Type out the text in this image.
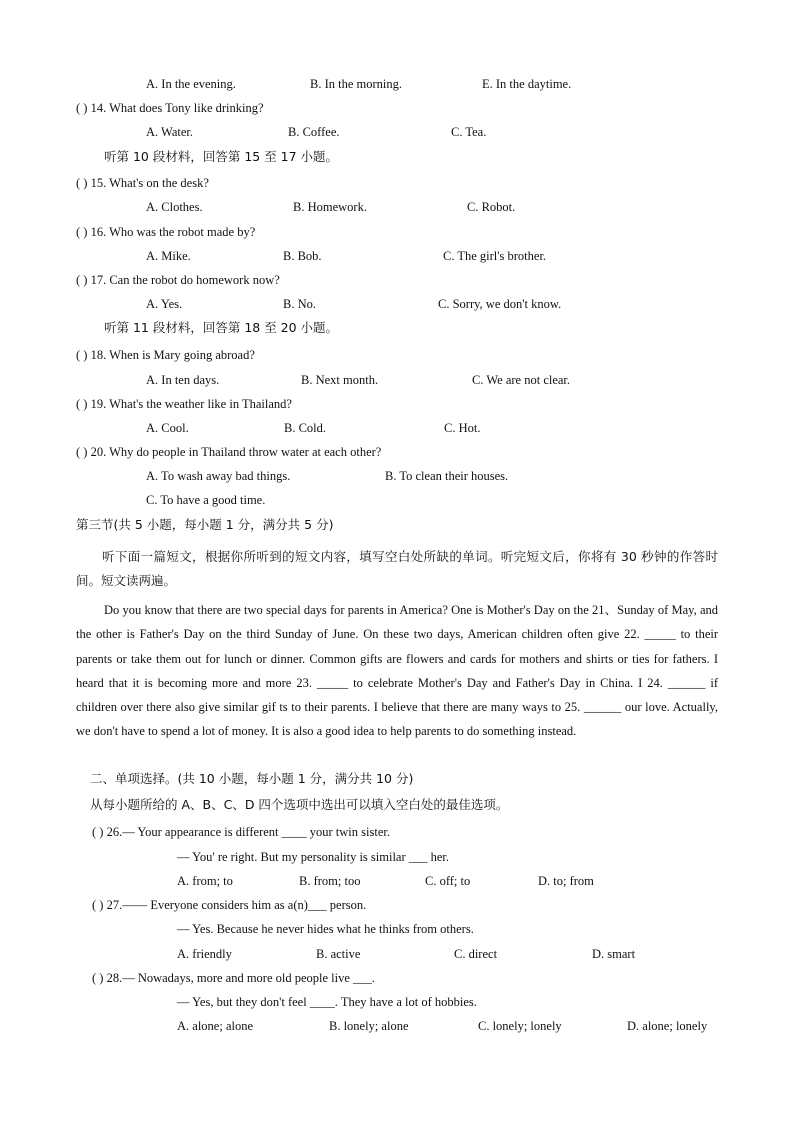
A. In the evening.	B. In the morning.	E. In the daytime.
( ) 14. What does Tony like drinking?
A. Water.	B. Coffee.	C. Tea.
听第 10 段材料，回答第 15 至 17 小题。
( ) 15. What's on the desk?
A. Clothes.	B. Homework.	C. Robot.
( ) 16. Who was the robot made by?
A. Mike.	B. Bob.	C. The girl's brother.
( ) 17. Can the robot do homework now?
A. Yes.	B. No.	C. Sorry, we don't know.
听第 11 段材料，回答第 18 至 20 小题。
( ) 18. When is Mary going abroad?
A. In ten days.	B. Next month.	C. We are not clear.
( ) 19. What's the weather like in Thailand?
A. Cool.	B. Cold.	C. Hot.
( ) 20. Why do people in Thailand throw water at each other?
A. To wash away bad things.	B. To clean their houses.
C. To have a good time.
第三节(共 5 小题，每小题 1 分，满分共 5 分)
听下面一篇短文，根据你所听到的短文内容，填写空白处所缺的单词。听完短文后，你将有 30 秒钟的作答时间。短文读两遍。
Do you know that there are two special days for parents in America? One is Mother's Day on the 21、Sunday of May, and the other is Father's Day on the third Sunday of June. On these two days, American children often give 22. _____ to their parents or take them out for lunch or dinner. Common gifts are flowers and cards for mothers and shirts or ties for fathers. I heard that it is becoming more and more 23. _____ to celebrate Mother's Day and Father's Day in China. I 24. ______ if children over there also give similar gif ts to their parents. I believe that there are many ways to 25. ______ our love. Actually, we don't have to spend a lot of money. It is also a good idea to help parents to do something instead.
二、单项选择。(共 10 小题，每小题 1 分，满分共 10 分)
从每小题所给的 A、B、C、D 四个选项中选出可以填入空白处的最佳选项。
( ) 26.— Your appearance is different ____ your twin sister.
— You' re right. But my personality is similar ___ her.
A. from; to	B. from; too	C. off; to	D. to; from
( ) 27.—— Everyone considers him as a(n)___ person.
— Yes. Because he never hides what he thinks from others.
A. friendly	B. active	C. direct	D. smart
( ) 28.— Nowadays, more and more old people live ___.
— Yes, but they don't feel ____. They have a lot of hobbies.
A. alone; alone	B. lonely; alone	C. lonely; lonely	D. alone; lonely
